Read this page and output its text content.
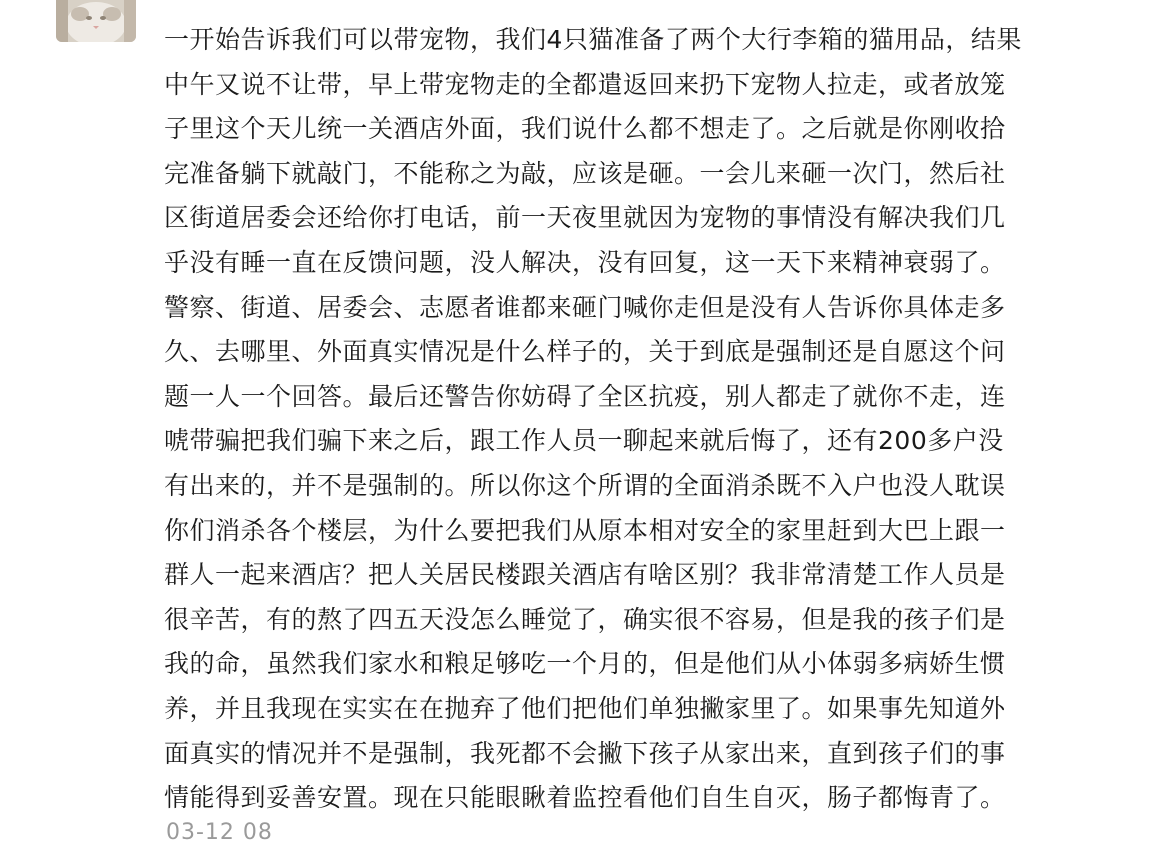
一开始告诉我们可以带宠物，我们4只猫准备了两个大行李箱的猫用品，结果
中午又说不让带，早上带宠物走的全都遣返回来扔下宠物人拉走，或者放笼
子里这个天儿统一关酒店外面，我们说什么都不想走了。之后就是你刚收拾
完准备躺下就敲门，不能称之为敲，应该是砸。一会儿来砸一次门，然后社
区街道居委会还给你打电话，前一天夜里就因为宠物的事情没有解决我们几
乎没有睡一直在反馈问题，没人解决，没有回复，这一天下来精神衰弱了。
警察、街道、居委会、志愿者谁都来砸门喊你走但是没有人告诉你具体走多
久、去哪里、外面真实情况是什么样子的，关于到底是强制还是自愿这个问
题一人一个回答。最后还警告你妨碍了全区抗疫，别人都走了就你不走，连
唬带骗把我们骗下来之后，跟工作人员一聊起来就后悔了，还有200多户没
有出来的，并不是强制的。所以你这个所谓的全面消杀既不入户也没人耽误
你们消杀各个楼层，为什么要把我们从原本相对安全的家里赶到大巴上跟一
群人一起来酒店？把人关居民楼跟关酒店有啥区别？我非常清楚工作人员是
很辛苦，有的熬了四五天没怎么睡觉了，确实很不容易，但是我的孩子们是
我的命，虽然我们家水和粮足够吃一个月的，但是他们从小体弱多病娇生惯
养，并且我现在实实在在抛弃了他们把他们单独撇家里了。如果事先知道外
面真实的情况并不是强制，我死都不会撇下孩子从家出来，直到孩子们的事
情能得到妥善安置。现在只能眼瞅着监控看他们自生自灭，肠子都悔青了。
03-12 08
